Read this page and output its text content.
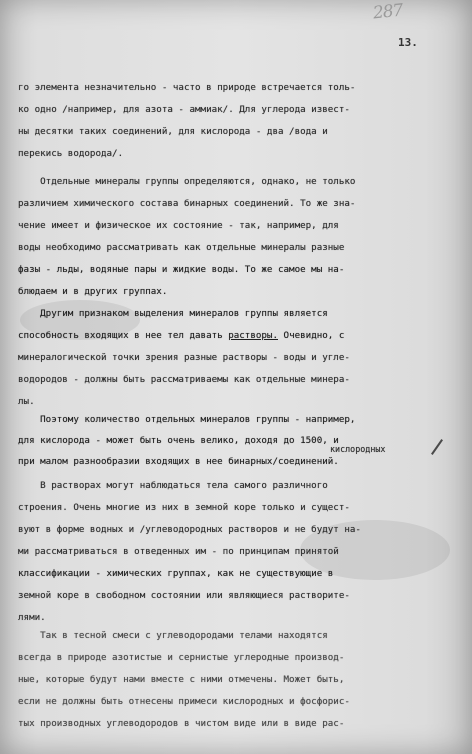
287
13.
го элемента незначительно - часто в природе встречается толь-
ко одно /например, для азота - аммиак/. Для углерода извест-
ны десятки таких соединений, для кислорода - два /вода и
перекись водорода/.
Отдельные минералы группы определяются, однако, не только
различием химического состава бинарных соединений. То же зна-
чение имеет и физическое их состояние - так, например, для
воды необходимо рассматривать как отдельные минералы разные
фазы - льды, водяные пары и жидкие воды. То же самое мы на-
блюдаем и в других группах.
Другим признаком выделения минералов группы является
способность входящих в нее тел давать растворы. Очевидно, с
минералогической точки зрения разные растворы - воды и угле-
водородов - должны быть рассматриваемы как отдельные минера-
лы.
Поэтому количество отдельных минералов группы - например,
для кислорода - может быть очень велико, доходя до 1500, и
кислородных
при малом разнообразии входящих в нее бинарных/соединений.
В растворах могут наблюдаться тела самого различного
строения. Очень многие из них в земной коре только и сущест-
вуют в форме водных и /углеводородных растворов и не будут на-
ми рассматриваться в отведенных им - по принципам принятой
классификации - химических группах, как не существующие в
земной коре в свободном состоянии или являющиеся растворите-
лями.
Так в тесной смеси с углеводородами телами находятся
всегда в природе азотистые и сернистые углеродные производ-
ные, которые будут нами вместе с ними отмечены. Может быть,
если не должны быть отнесены примеси кислородных и фосфорис-
тых производных углеводородов в чистом виде или в виде рас-
